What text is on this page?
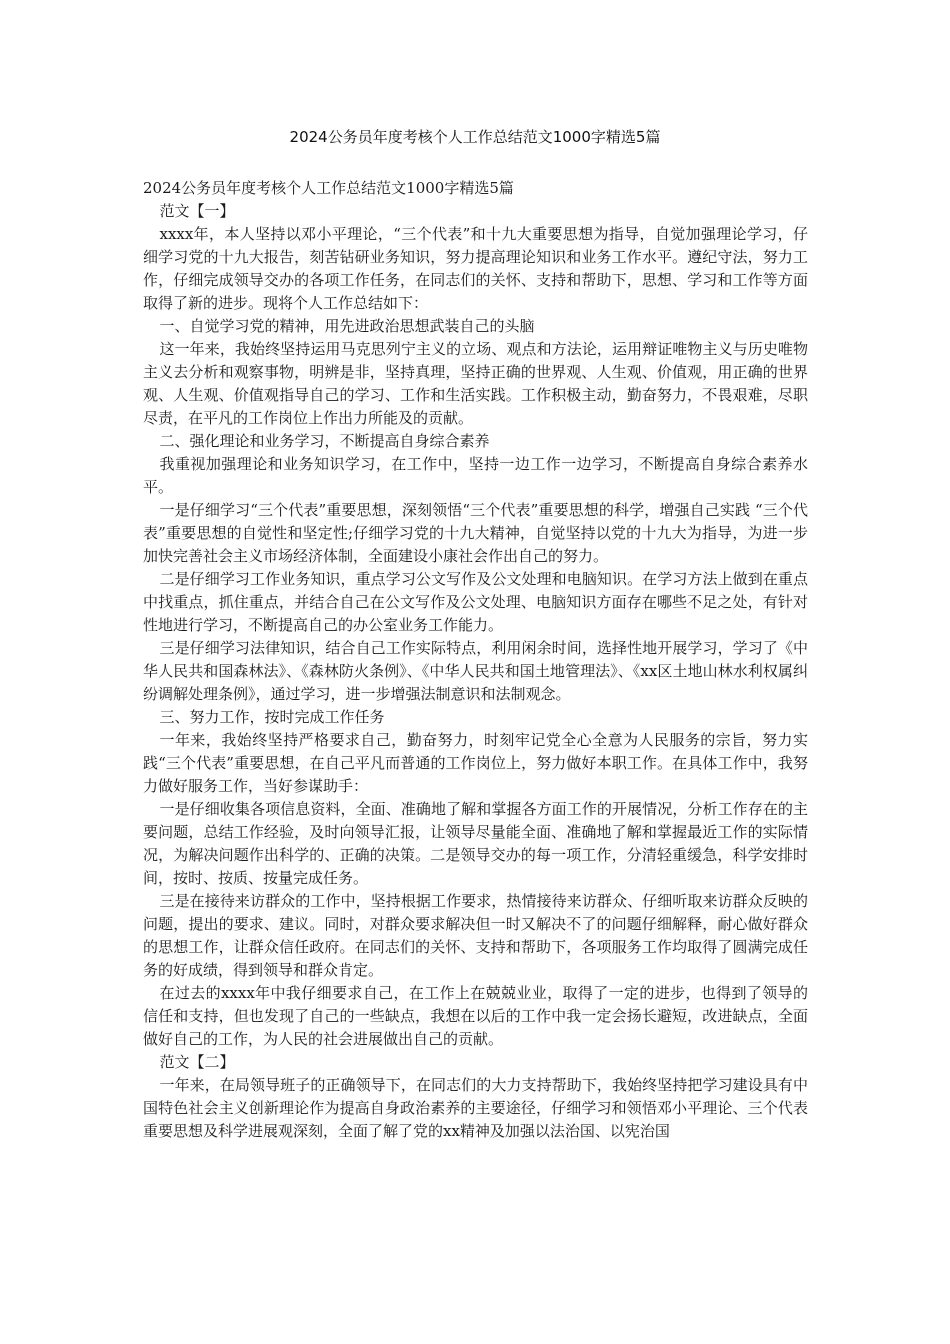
2024公务员年度考核个人工作总结范文1000字精选5篇

2024公务员年度考核个人工作总结范文1000字精选5篇

范文【一】

xxxx年，本人坚持以邓小平理论，“三个代表”和十九大重要思想为指导，自觉加强理论学习，仔细学习党的十九大报告，刻苦钻研业务知识，努力提高理论知识和业务工作水平。遵纪守法，努力工作，仔细完成领导交办的各项工作任务，在同志们的关怀、支持和帮助下，思想、学习和工作等方面取得了新的进步。现将个人工作总结如下：

一、自觉学习党的精神，用先进政治思想武装自己的头脑

这一年来，我始终坚持运用马克思列宁主义的立场、观点和方法论，运用辩证唯物主义与历史唯物主义去分析和观察事物，明辨是非，坚持真理，坚持正确的世界观、人生观、价值观，用正确的世界观、人生观、价值观指导自己的学习、工作和生活实践。工作积极主动，勤奋努力，不畏艰难，尽职尽责，在平凡的工作岗位上作出力所能及的贡献。

二、强化理论和业务学习，不断提高自身综合素养

我重视加强理论和业务知识学习，在工作中，坚持一边工作一边学习，不断提高自身综合素养水平。

一是仔细学习“三个代表”重要思想，深刻领悟“三个代表”重要思想的科学，增强自己实践 “三个代表”重要思想的自觉性和坚定性;仔细学习党的十九大精神，自觉坚持以党的十九大为指导，为进一步加快完善社会主义市场经济体制，全面建设小康社会作出自己的努力。

二是仔细学习工作业务知识，重点学习公文写作及公文处理和电脑知识。在学习方法上做到在重点中找重点，抓住重点，并结合自己在公文写作及公文处理、电脑知识方面存在哪些不足之处，有针对性地进行学习，不断提高自己的办公室业务工作能力。

三是仔细学习法律知识，结合自己工作实际特点，利用闲余时间，选择性地开展学习，学习了《中华人民共和国森林法》、《森林防火条例》、《中华人民共和国土地管理法》、《xx区土地山林水利权属纠纷调解处理条例》，通过学习，进一步增强法制意识和法制观念。

三、努力工作，按时完成工作任务

一年来，我始终坚持严格要求自己，勤奋努力，时刻牢记党全心全意为人民服务的宗旨，努力实践“三个代表”重要思想，在自己平凡而普通的工作岗位上，努力做好本职工作。在具体工作中，我努力做好服务工作，当好参谋助手：

一是仔细收集各项信息资料，全面、准确地了解和掌握各方面工作的开展情况，分析工作存在的主要问题，总结工作经验，及时向领导汇报，让领导尽量能全面、准确地了解和掌握最近工作的实际情况，为解决问题作出科学的、正确的决策。二是领导交办的每一项工作，分清轻重缓急，科学安排时间，按时、按质、按量完成任务。

三是在接待来访群众的工作中，坚持根据工作要求，热情接待来访群众、仔细听取来访群众反映的问题，提出的要求、建议。同时，对群众要求解决但一时又解决不了的问题仔细解释，耐心做好群众的思想工作，让群众信任政府。在同志们的关怀、支持和帮助下，各项服务工作均取得了圆满完成任务的好成绩，得到领导和群众肯定。

在过去的xxxx年中我仔细要求自己，在工作上在兢兢业业，取得了一定的进步，也得到了领导的信任和支持，但也发现了自己的一些缺点，我想在以后的工作中我一定会扬长避短，改进缺点，全面做好自己的工作，为人民的社会进展做出自己的贡献。

范文【二】

一年来，在局领导班子的正确领导下，在同志们的大力支持帮助下，我始终坚持把学习建设具有中国特色社会主义创新理论作为提高自身政治素养的主要途径，仔细学习和领悟邓小平理论、三个代表重要思想及科学进展观深刻，全面了解了党的xx精神及加强以法治国、以宪治国
